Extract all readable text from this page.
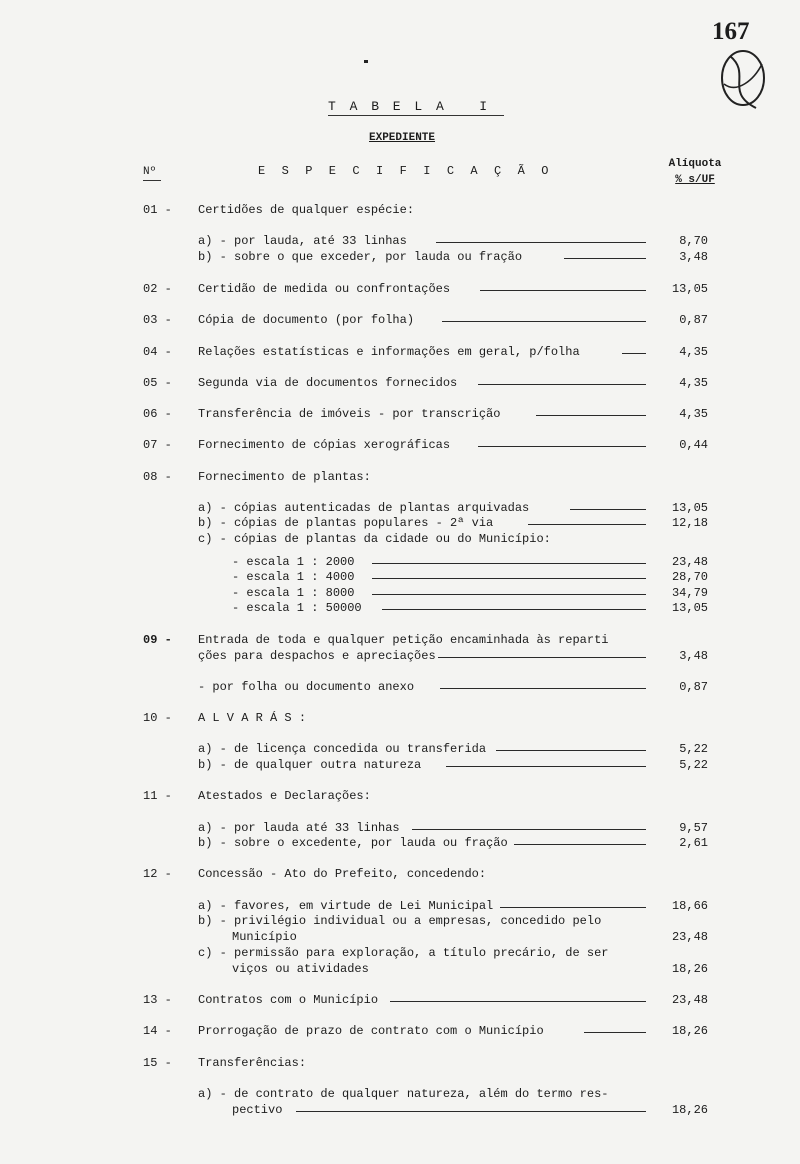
167
T A B E L A   I
EXPEDIENTE
Nº	E S P E C I F I C A Ç Ã O	Alíquota
% s/UF
01 - Certidões de qualquer espécie:
a) - por lauda, até 33 linhas	8,70
b) - sobre o que exceder, por lauda ou fração	3,48
02 - Certidão de medida ou confrontações	13,05
03 - Cópia de documento (por folha)	0,87
04 - Relações estatísticas e informações em geral, p/folha	4,35
05 - Segunda via de documentos fornecidos	4,35
06 - Transferência de imóveis - por transcrição	4,35
07 - Fornecimento de cópias xerográficas	0,44
08 - Fornecimento de plantas:
a) - cópias autenticadas de plantas arquivadas	13,05
b) - cópias de plantas populares - 2ª via	12,18
c) - cópias de plantas da cidade ou do Município:
- escala 1 : 2000	23,48
- escala 1 : 4000	28,70
- escala 1 : 8000	34,79
- escala 1 : 50000	13,05
09 - Entrada de toda e qualquer petição encaminhada às reparti
ções para despachos e apreciações	3,48
- por folha ou documento anexo	0,87
10 - A L V A R Á S :
a) - de licença concedida ou transferida	5,22
b) - de qualquer outra natureza	5,22
11 - Atestados e Declarações:
a) - por lauda até 33 linhas	9,57
b) - sobre o excedente, por lauda ou fração	2,61
12 - Concessão - Ato do Prefeito, concedendo:
a) - favores, em virtude de Lei Municipal	18,66
b) - privilégio individual ou a empresas, concedido pelo
Município	23,48
c) - permissão para exploração, a título precário, de ser
viços ou atividades	18,26
13 - Contratos com o Município	23,48
14 - Prorrogação de prazo de contrato com o Município	18,26
15 - Transferências:
a) - de contrato de qualquer natureza, além do termo res-
pectivo	18,26
